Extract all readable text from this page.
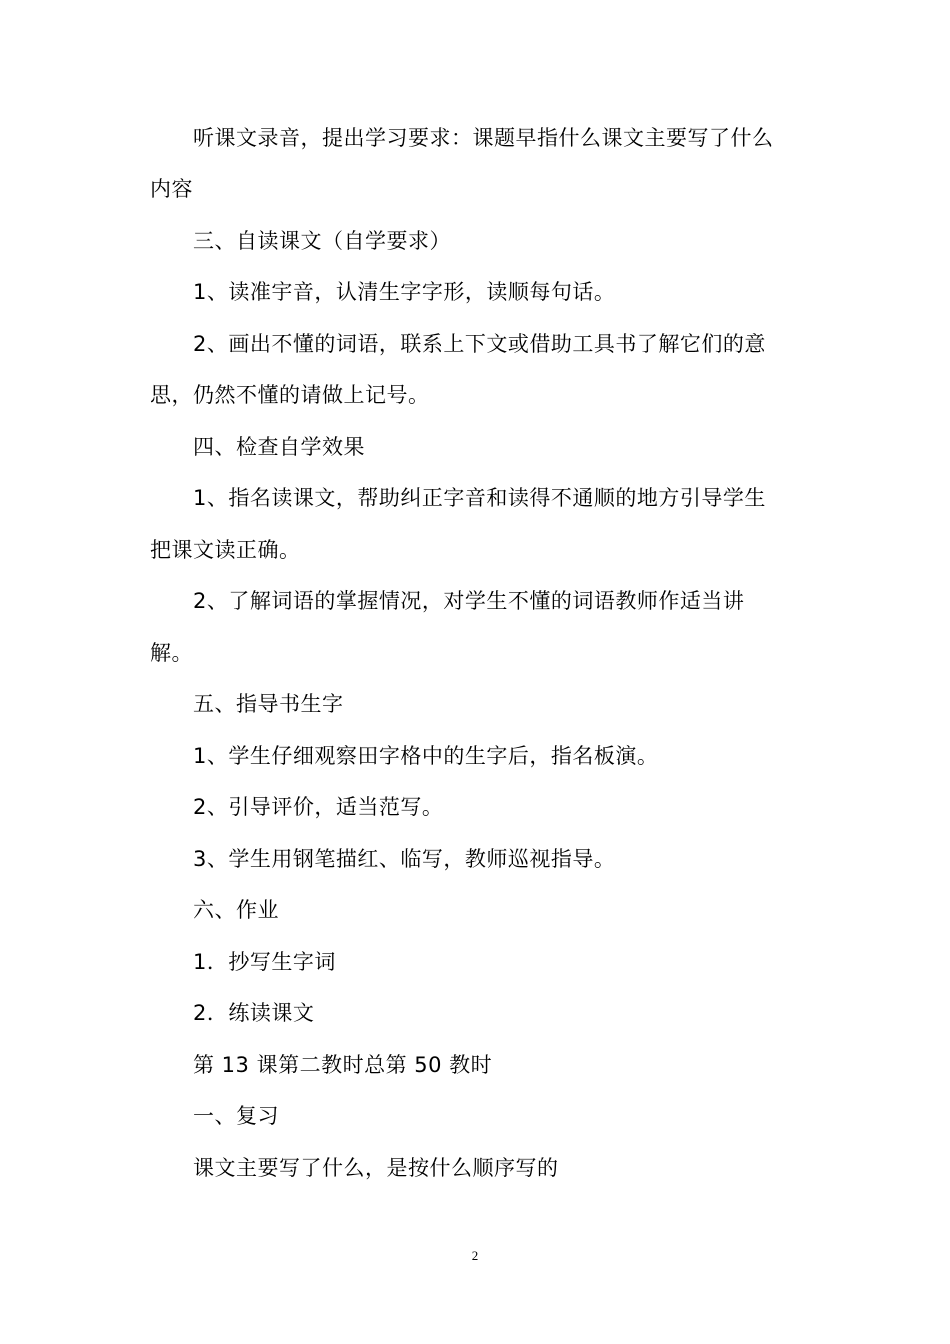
听课文录音，提出学习要求：课题早指什么课文主要写了什么
内容
三、自读课文（自学要求）
1、读准宇音，认清生字字形，读顺每句话。
2、画出不懂的词语，联系上下文或借助工具书了解它们的意
思，仍然不懂的请做上记号。
四、检查自学效果
1、指名读课文，帮助纠正字音和读得不通顺的地方引导学生
把课文读正确。
2、了解词语的掌握情况，对学生不懂的词语教师作适当讲
解。
五、指导书生字
1、学生仔细观察田字格中的生字后，指名板演。
2、引导评价，适当范写。
3、学生用钢笔描红、临写，教师巡视指导。
六、作业
1．抄写生字词
2．练读课文
第 13 课第二教时总第 50 教时
一、复习
课文主要写了什么，是按什么顺序写的
2
